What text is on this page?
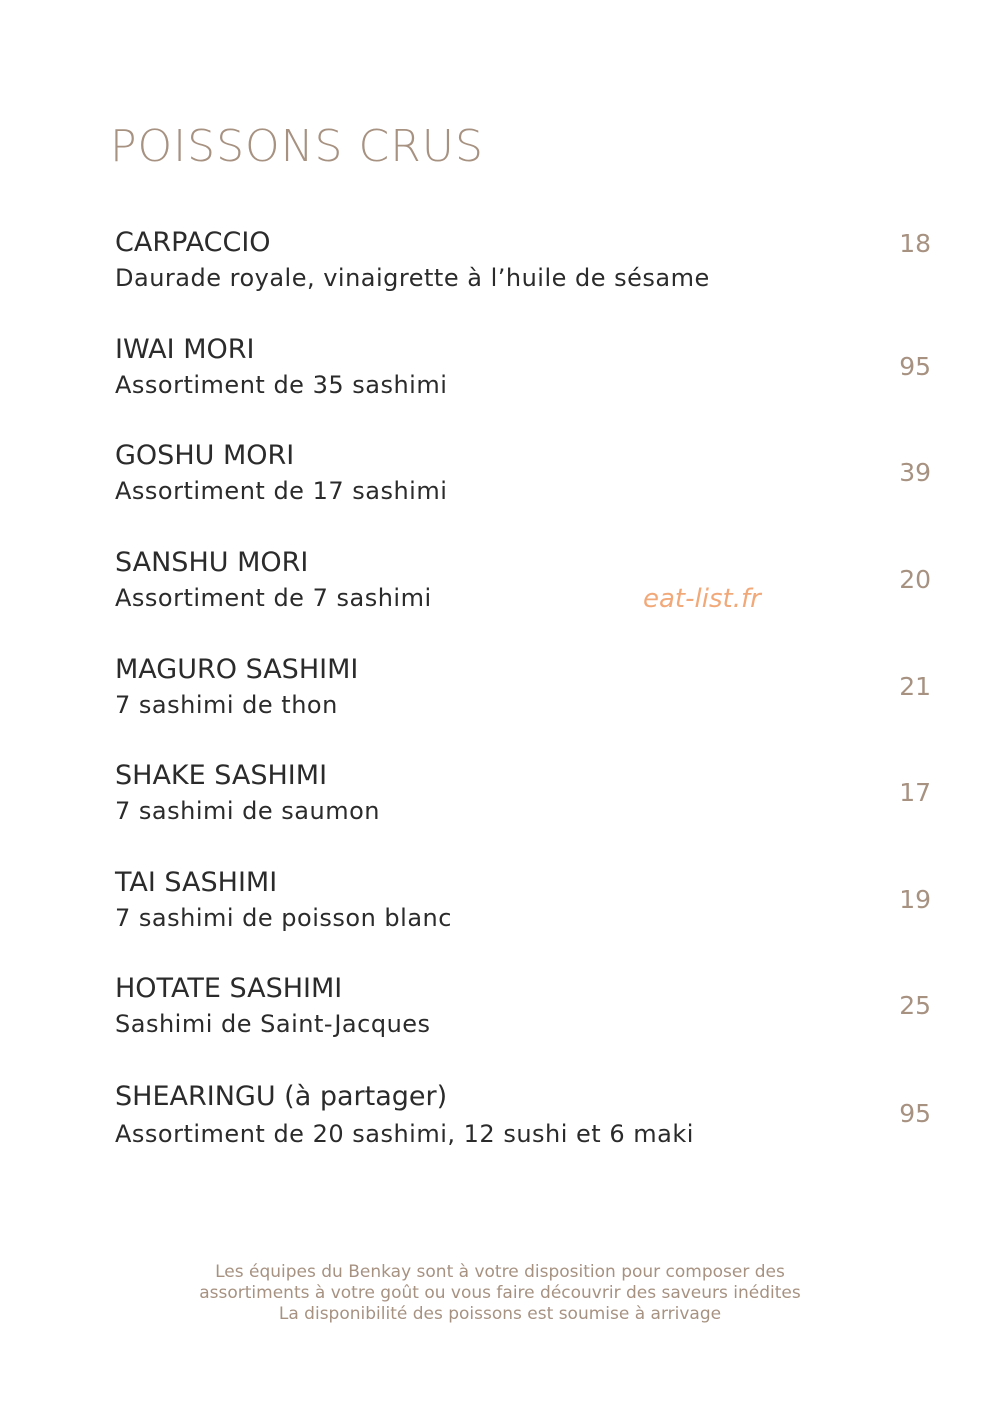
POISSONS CRUS
CARPACCIO
Daurade royale, vinaigrette à l’huile de sésame
18
IWAI MORI
Assortiment de 35 sashimi
95
GOSHU MORI
Assortiment de 17 sashimi
39
SANSHU MORI
Assortiment de 7 sashimi
20
MAGURO SASHIMI
7 sashimi de thon
21
SHAKE SASHIMI
7 sashimi de saumon
17
TAI SASHIMI
7 sashimi de poisson blanc
19
HOTATE SASHIMI
Sashimi de Saint-Jacques
25
SHEARINGU (à partager)
Assortiment de 20 sashimi, 12 sushi et 6 maki
95
eat-list.fr

Les équipes du Benkay sont à votre disposition pour composer des
assortiments à votre goût ou vous faire découvrir des saveurs inédites
La disponibilité des poissons est soumise à arrivage
